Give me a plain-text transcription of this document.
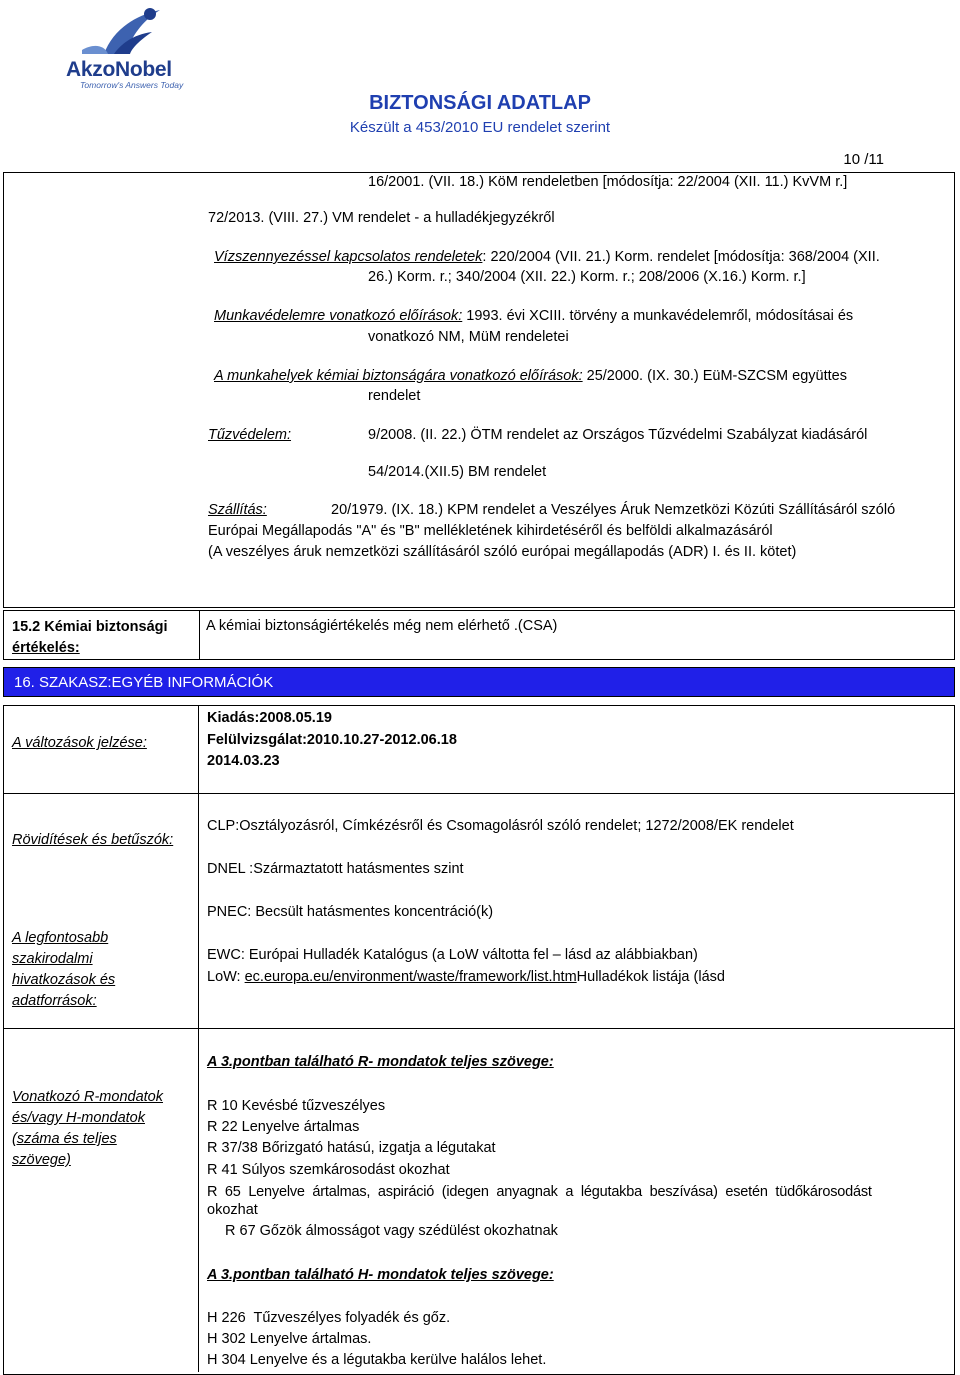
AkzoNobel
Tomorrow's Answers Today
BIZTONSÁGI ADATLAP
Készült a 453/2010 EU rendelet szerint
10 /11
16/2001. (VII. 18.) KöM rendeletben [módosítja: 22/2004 (XII. 11.) KvVM r.]
72/2013. (VIII. 27.) VM rendelet - a hulladékjegyzékről
Vízszennyezéssel kapcsolatos rendeletek: 220/2004 (VII. 21.) Korm. rendelet [módosítja: 368/2004 (XII.
26.) Korm. r.; 340/2004 (XII. 22.) Korm. r.; 208/2006 (X.16.) Korm. r.]
Munkavédelemre vonatkozó előírások: 1993. évi XCIII. törvény a munkavédelemről, módosításai és
vonatkozó NM, MüM rendeletei
A munkahelyek kémiai biztonságára vonatkozó előírások: 25/2000. (IX. 30.) EüM-SZCSM együttes
rendelet
Tűzvédelem:	9/2008. (II. 22.) ÖTM rendelet az Országos Tűzvédelmi Szabályzat kiadásáról
54/2014.(XII.5) BM rendelet
Szállítás:	20/1979. (IX. 18.) KPM rendelet a Veszélyes Áruk Nemzetközi Közúti Szállításáról szóló
Európai Megállapodás "A" és "B" mellékletének kihirdetéséről és belföldi alkalmazásáról
(A veszélyes áruk nemzetközi szállításáról szóló európai megállapodás (ADR) I. és II. kötet)
15.2 Kémiai biztonsági
értékelés:
A kémiai biztonságiértékelés még nem elérhető .(CSA)
16. SZAKASZ:EGYÉB INFORMÁCIÓK
A változások jelzése:
Kiadás:2008.05.19
Felülvizsgálat:2010.10.27-2012.06.18
2014.03.23
Rövidítések és betűszók:
CLP:Osztályozásról, Címkézésről és Csomagolásról szóló rendelet; 1272/2008/EK rendelet
DNEL :Származtatott hatásmentes szint
PNEC: Becsült hatásmentes koncentráció(k)
A legfontosabb
szakirodalmi
hivatkozások és
adatforrások:
EWC: Európai Hulladék Katalógus (a LoW váltotta fel – lásd az alábbiakban)
LoW: ec.europa.eu/environment/waste/framework/list.htmHulladékok listája (lásd
Vonatkozó R-mondatok
és/vagy H-mondatok
(száma és teljes
szövege)
A 3.pontban található R- mondatok teljes szövege:
R 10 Kevésbé tűzveszélyes
R 22 Lenyelve ártalmas
R 37/38 Bőrizgató hatású, izgatja a légutakat
R 41 Súlyos szemkárosodást okozhat
R  65  Lenyelve  ártalmas,  aspiráció  (idegen  anyagnak  a  légutakba  beszívása)  esetén  tüdőkárosodást
okozhat
R 67 Gőzök álmosságot vagy szédülést okozhatnak
A 3.pontban található H- mondatok teljes szövege:
H 226  Tűzveszélyes folyadék és gőz.
H 302 Lenyelve ártalmas.
H 304 Lenyelve és a légutakba kerülve halálos lehet.
